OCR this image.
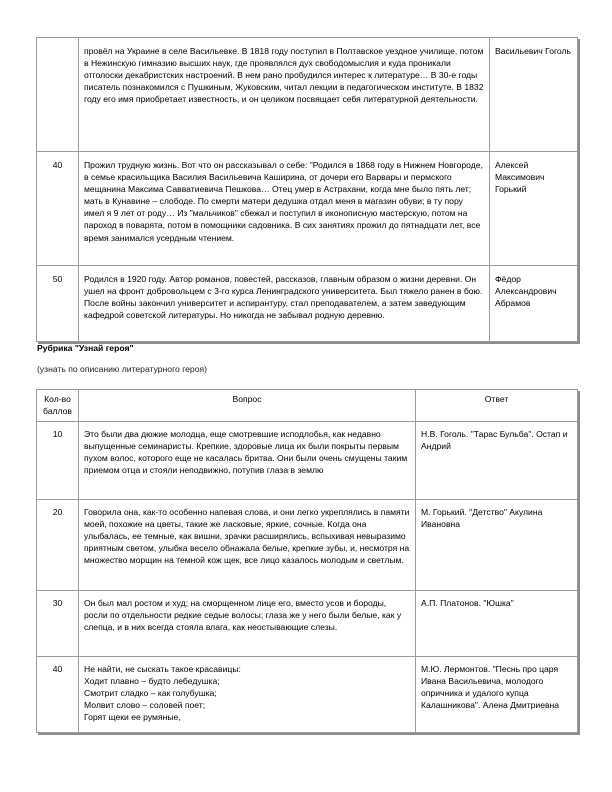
	провёл на Украине в селе Васильевке. В 1818 году поступил в Полтавское уездное училище, потом в Нежинскую гимназию высших наук, где проявлялся дух свободомыслия и куда проникали отголоски декабристских настроений. В нем рано пробудился интерес к литературе… В 30-е годы писатель познакомился с Пушкиным, Жуковским, читал лекции в педагогическом институте. В 1832 году его имя приобретает известность, и он целиком посвящает себя литературной деятельности.	Васильевич Гоголь
40	Прожил трудную жизнь. Вот что он рассказывал о себе: "Родился в 1868 году в Нижнем Новгороде, в семье красильщика Василия Васильевича Каширина, от дочери его Варвары и пермского мещанина Максима Савватиевича Пешкова… Отец умер в Астрахани, когда мне было пять лет; мать в Кунавине – слободе. По смерти матери дедушка отдал меня в магазин обуви; в ту пору имел я 9 лет от роду… Из "мальчиков" сбежал и поступил в иконописную мастерскую, потом на пароход в поварята, потом в помощники садовника. В сих занятиях прожил до пятнадцати лет, все время занимался усердным чтением.	Алексей Максимович Горький
50	Родился в 1920 году. Автор романов, повестей, рассказов, главным образом о жизни деревни. Он ушел на фронт добровольцем с 3-го курса Ленинградского университета. Был тяжело ранен в бою. После войны закончил университет и аспирантуру, стал преподавателем, а затем заведующим кафедрой советской литературы. Но никогда не забывал родную деревню.	Фёдор Александрович Абрамов
Рубрика "Узнай героя"
(узнать по описанию литературного героя)
Кол-во баллов	Вопрос	Ответ
10	Это были два дюжие молодца, еще смотревшие исподлобья, как недавно выпущенные семинаристы. Крепкие, здоровые лица их были покрыты первым пухом волос, которого еще не касалась бритва. Они были очень смущены таким приемом отца и стояли неподвижно, потупив глаза в землю	Н.В. Гоголь. "Тарас Бульба". Остап и Андрий
20	Говорила она, как-то особенно напевая слова, и они легко укреплялись в памяти моей, похожие на цветы, такие же ласковые, яркие, сочные. Когда она улыбалась, ее темные, как вишни, зрачки расширялись, вспыхивая невыразимо приятным светом, улыбка весело обнажала белые, крепкие зубы, и, несмотря на множество морщин на темной кож щек, все лицо казалось молодым и светлым.	М. Горький. "Детство" Акулина Ивановна
30	Он был мал ростом и худ; на сморщенном лице его, вместо усов и бороды, росли по отдельности редкие седые волосы; глаза же у него были белые, как у слепца, и в них всегда стояла влага, как неостывающие слезы.	А.П. Платонов. "Юшка"
40	Не найти, не сыскать такое красавицы:
Ходит плавно – будто лебедушка;
Смотрит сладко – как голубушка;
Молвит слово – соловей поет;
Горят щеки ее румяные,	М.Ю. Лермонтов. "Песнь про царя Ивана Васильевича, молодого опричника и удалого купца Калашникова". Алена Дмитриевна
